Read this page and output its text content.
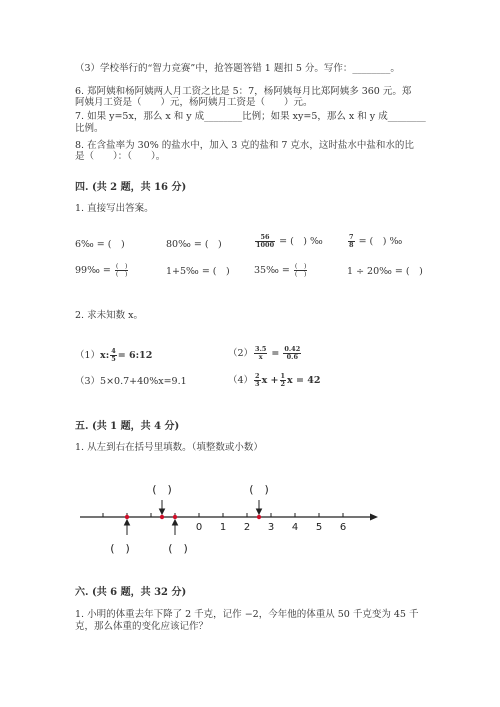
（3）学校举行的“智力竞赛”中，抢答题答错 1 题扣 5 分。写作：________。
6. 郑阿姨和杨阿姨两人月工资之比是 5：7，杨阿姨每月比郑阿姨多 360 元。郑
阿姨月工资是（　　）元，杨阿姨月工资是（　　）元。
7. 如果 y=5x，那么 x 和 y 成________比例；如果 xy=5，那么 x 和 y 成________
比例。
8. 在含盐率为 30% 的盐水中，加入 3 克的盐和 7 克水，这时盐水中盐和水的比
是（　　）：（　　）。
四. (共 2 题，共 16 分)
1. 直接写出答案。
6‰ = (　)	80‰ = (　)	$\frac{56}{1000}$ = (　) ‰	$\frac{7}{8}$ = (　) ‰
99‰ = $\frac{( )}{( )}$	1+5‰ = (　)	35‰ = $\frac{( )}{( )}$	1 ÷ 20‰ = (　)
2. 求未知数 x。
（1）x: $\frac{4}{5}$ = 6:12	$(2) \frac{3.5}{x} = \frac{0.42}{0.6}$
（3）5×0.7+40%x=9.1	$(4) \frac{2}{3}$ $x + \frac{1}{2}$ x = 42
五. (共 1 题，共 4 分)
1. 从左到右在括号里填数。（填整数或小数）
0 1 2 3 4 5 6
(　)	(　)
(　)	(　)
六. (共 6 题，共 32 分)
1. 小明的体重去年下降了 2 千克，记作 −2，今年他的体重从 50 千克变为 45 千
克，那么体重的变化应该记作？
